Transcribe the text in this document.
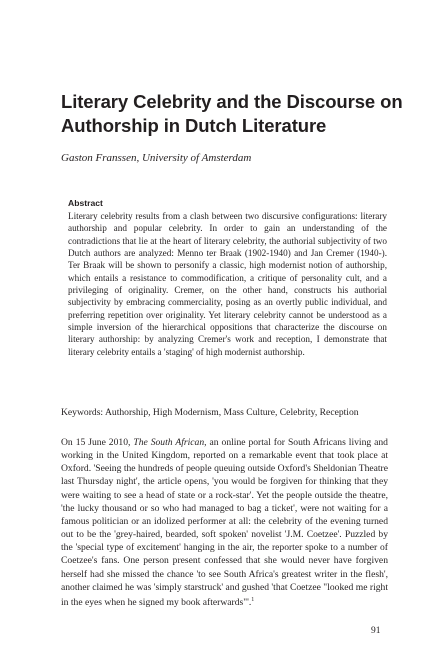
Literary Celebrity and the Discourse on
Authorship in Dutch Literature
Gaston Franssen, University of Amsterdam
Abstract

Literary celebrity results from a clash between two discursive configurations: literary authorship and popular celebrity. In order to gain an understanding of the contradictions that lie at the heart of literary celebrity, the authorial subjectivity of two Dutch authors are analyzed: Menno ter Braak (1902-1940) and Jan Cremer (1940-). Ter Braak will be shown to personify a classic, high modernist notion of authorship, which entails a resistance to commodification, a critique of personality cult, and a privileging of originality. Cremer, on the other hand, constructs his authorial subjectivity by embracing commerciality, posing as an overtly public individual, and preferring repetition over originality. Yet literary celebrity cannot be understood as a simple inversion of the hierarchical oppositions that characterize the discourse on literary authorship: by analyzing Cremer's work and reception, I demonstrate that literary celebrity entails a 'staging' of high modernist authorship.

Keywords: Authorship, High Modernism, Mass Culture, Celebrity, Reception

On 15 June 2010, The South African, an online portal for South Africans living and working in the United Kingdom, reported on a remarkable event that took place at Oxford. 'Seeing the hundreds of people queuing outside Oxford's Sheldonian Theatre last Thursday night', the article opens, 'you would be forgiven for thinking that they were waiting to see a head of state or a rock-star'. Yet the people outside the theatre, 'the lucky thousand or so who had managed to bag a ticket', were not waiting for a famous politician or an idolized performer at all: the celebrity of the evening turned out to be the 'grey-haired, bearded, soft spoken' novelist 'J.M. Coetzee'. Puzzled by the 'special type of excitement' hanging in the air, the reporter spoke to a number of Coetzee's fans. One person present confessed that she would never have forgiven herself had she missed the chance 'to see South Africa's greatest writer in the flesh', another claimed he was 'simply starstruck' and gushed 'that Coetzee "looked me right in the eyes when he signed my book afterwards"'.$^1$

91
